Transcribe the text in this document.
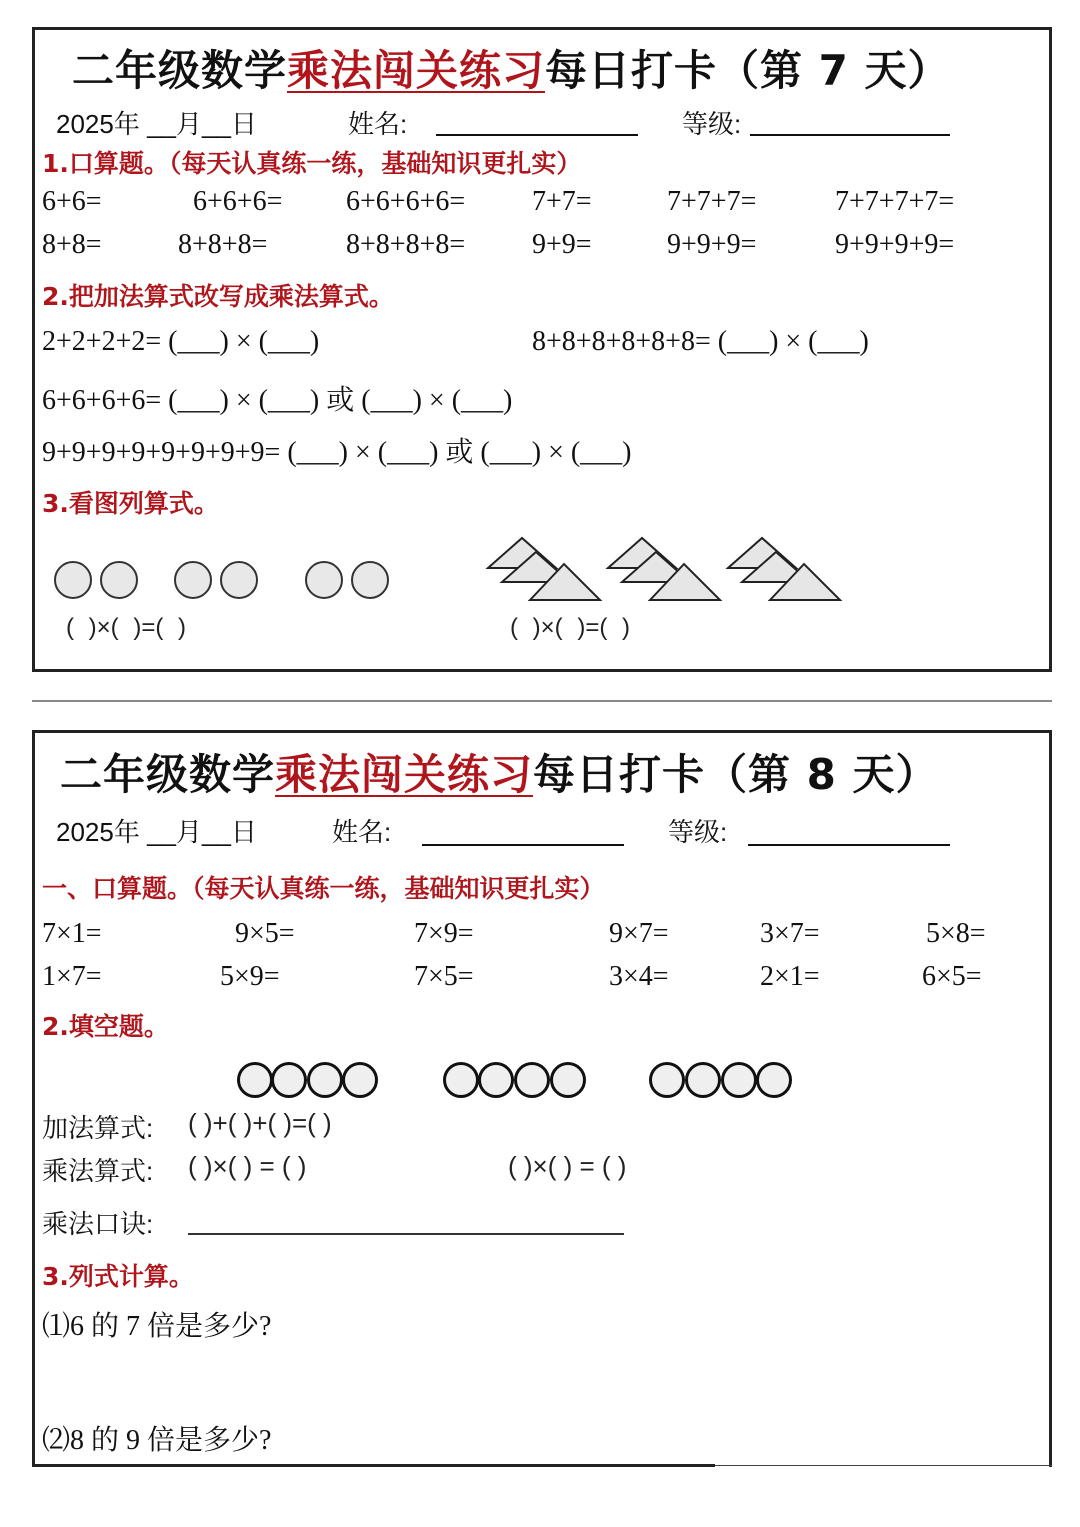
二年级数学乘法闯关练习每日打卡（第 7 天）
2025年 __月__日	姓名:	等级:
1.口算题。（每天认真练一练，基础知识更扎实）
6+6=	6+6+6= 6+6+6+6= 7+7=	7+7+7=	7+7+7+7=
8+8=	8+8+8=	8+8+8+8= 9+9=	9+9+9=	9+9+9+9=
2.把加法算式改写成乘法算式。
2+2+2+2= (___) × (___)	8+8+8+8+8+8= (___) × (___)
6+6+6+6= (___) × (___) 或 (___) × (___)
9+9+9+9+9+9+9+9= (___) × (___) 或 (___) × (___)
3.看图列算式。
( )×( )=( )	( )×( )=( )
二年级数学乘法闯关练习每日打卡（第 8 天）
2025年 __月__日	姓名:	等级:
一、口算题。（每天认真练一练，基础知识更扎实）
7×1=	9×5=	7×9=	9×7=	3×7=	5×8=
1×7=	5×9=	7×5=	3×4=	2×1=	6×5=
2.填空题。
加法算式: ( )+( )+( )=( )
乘法算式: ( )×( ) = ( )	( )×( ) = ( )
乘法口诀:
3.列式计算。
⑴6 的 7 倍是多少?
⑵8 的 9 倍是多少?
